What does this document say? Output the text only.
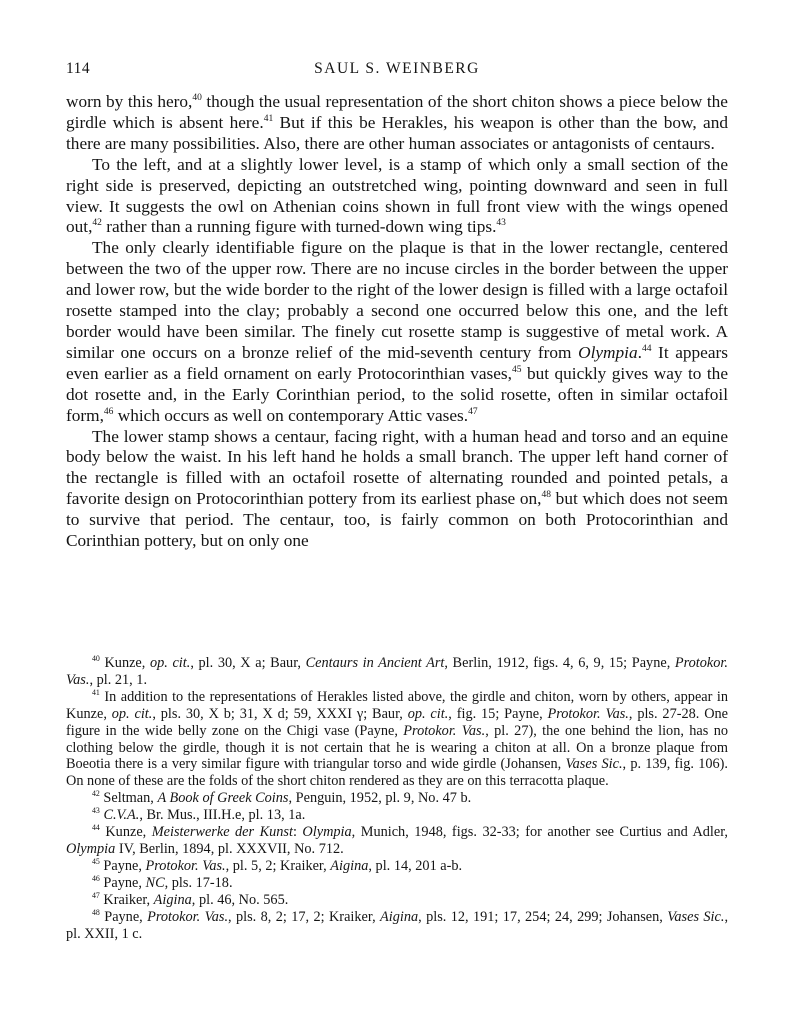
114	SAUL S. WEINBERG

worn by this hero,$^{40}$ though the usual representation of the short chiton shows a piece below the girdle which is absent here.$^{41}$ But if this be Herakles, his weapon is other than the bow, and there are many possibilities. Also, there are other human associates or antagonists of centaurs.

To the left, and at a slightly lower level, is a stamp of which only a small section of the right side is preserved, depicting an outstretched wing, pointing downward and seen in full view. It suggests the owl on Athenian coins shown in full front view with the wings opened out,$^{42}$ rather than a running figure with turned-down wing tips.$^{43}$

The only clearly identifiable figure on the plaque is that in the lower rectangle, centered between the two of the upper row. There are no incuse circles in the border between the upper and lower row, but the wide border to the right of the lower design is filled with a large octafoil rosette stamped into the clay; probably a second one occurred below this one, and the left border would have been similar. The finely cut rosette stamp is suggestive of metal work. A similar one occurs on a bronze relief of the mid-seventh century from Olympia.$^{44}$ It appears even earlier as a field ornament on early Protocorinthian vases,$^{45}$ but quickly gives way to the dot rosette and, in the Early Corinthian period, to the solid rosette, often in similar octafoil form,$^{46}$ which occurs as well on contemporary Attic vases.$^{47}$

The lower stamp shows a centaur, facing right, with a human head and torso and an equine body below the waist. In his left hand he holds a small branch. The upper left hand corner of the rectangle is filled with an octafoil rosette of alternating rounded and pointed petals, a favorite design on Protocorinthian pottery from its earliest phase on,$^{48}$ but which does not seem to survive that period. The centaur, too, is fairly common on both Protocorinthian and Corinthian pottery, but on only one

$^{40}$ Kunze, op. cit., pl. 30, X a; Baur, Centaurs in Ancient Art, Berlin, 1912, figs. 4, 6, 9, 15; Payne, Protokor. Vas., pl. 21, 1.

$^{41}$ In addition to the representations of Herakles listed above, the girdle and chiton, worn by others, appear in Kunze, op. cit., pls. 30, X b; 31, X d; 59, XXXI γ; Baur, op. cit., fig. 15; Payne, Protokor. Vas., pls. 27-28. One figure in the wide belly zone on the Chigi vase (Payne, Protokor. Vas., pl. 27), the one behind the lion, has no clothing below the girdle, though it is not certain that he is wearing a chiton at all. On a bronze plaque from Boeotia there is a very similar figure with triangular torso and wide girdle (Johansen, Vases Sic., p. 139, fig. 106). On none of these are the folds of the short chiton rendered as they are on this terracotta plaque.

$^{42}$ Seltman, A Book of Greek Coins, Penguin, 1952, pl. 9, No. 47 b.

$^{43}$ C.V.A., Br. Mus., III.H.e, pl. 13, 1a.

$^{44}$ Kunze, Meisterwerke der Kunst: Olympia, Munich, 1948, figs. 32-33; for another see Curtius and Adler, Olympia IV, Berlin, 1894, pl. XXXVII, No. 712.

$^{45}$ Payne, Protokor. Vas., pl. 5, 2; Kraiker, Aigina, pl. 14, 201 a-b.

$^{46}$ Payne, NC, pls. 17-18.

$^{47}$ Kraiker, Aigina, pl. 46, No. 565.

$^{48}$ Payne, Protokor. Vas., pls. 8, 2; 17, 2; Kraiker, Aigina, pls. 12, 191; 17, 254; 24, 299; Johansen, Vases Sic., pl. XXII, 1 c.
